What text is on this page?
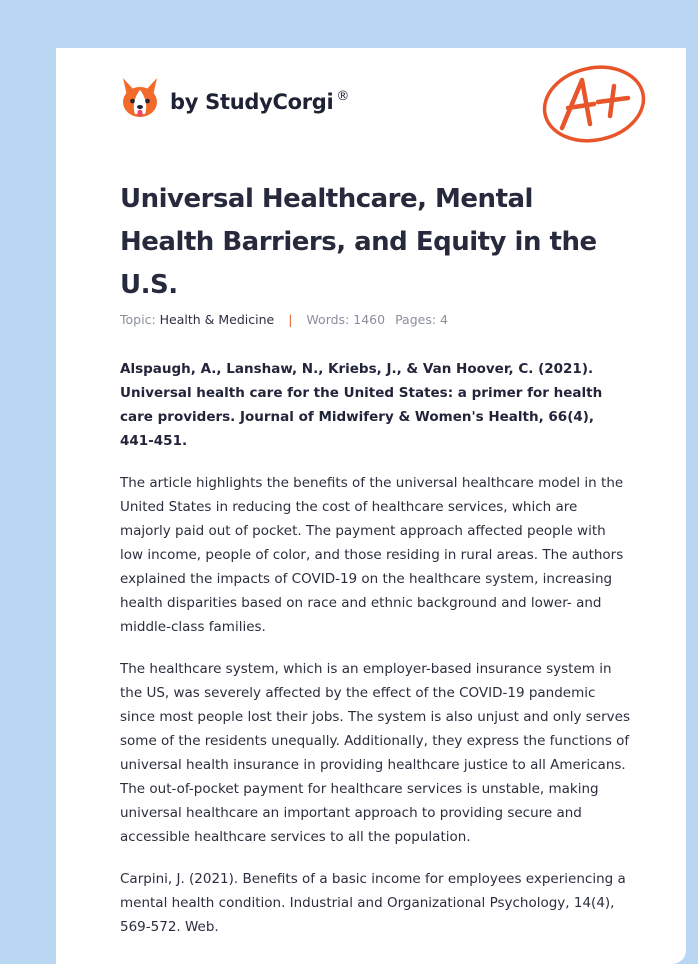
by StudyCorgi ®
Universal Healthcare, Mental Health Barriers, and Equity in the U.S.
Topic: Health & Medicine | Words: 1460 Pages: 4

Alspaugh, A., Lanshaw, N., Kriebs, J., & Van Hoover, C. (2021). Universal health care for the United States: a primer for health care providers. Journal of Midwifery & Women's Health, 66(4), 441-451.

The article highlights the benefits of the universal healthcare model in the United States in reducing the cost of healthcare services, which are majorly paid out of pocket. The payment approach affected people with low income, people of color, and those residing in rural areas. The authors explained the impacts of COVID-19 on the healthcare system, increasing health disparities based on race and ethnic background and lower- and middle-class families.

The healthcare system, which is an employer-based insurance system in the US, was severely affected by the effect of the COVID-19 pandemic since most people lost their jobs. The system is also unjust and only serves some of the residents unequally. Additionally, they express the functions of universal health insurance in providing healthcare justice to all Americans. The out-of-pocket payment for healthcare services is unstable, making universal healthcare an important approach to providing secure and accessible healthcare services to all the population.

Carpini, J. (2021). Benefits of a basic income for employees experiencing a mental health condition. Industrial and Organizational Psychology, 14(4), 569-572. Web.
